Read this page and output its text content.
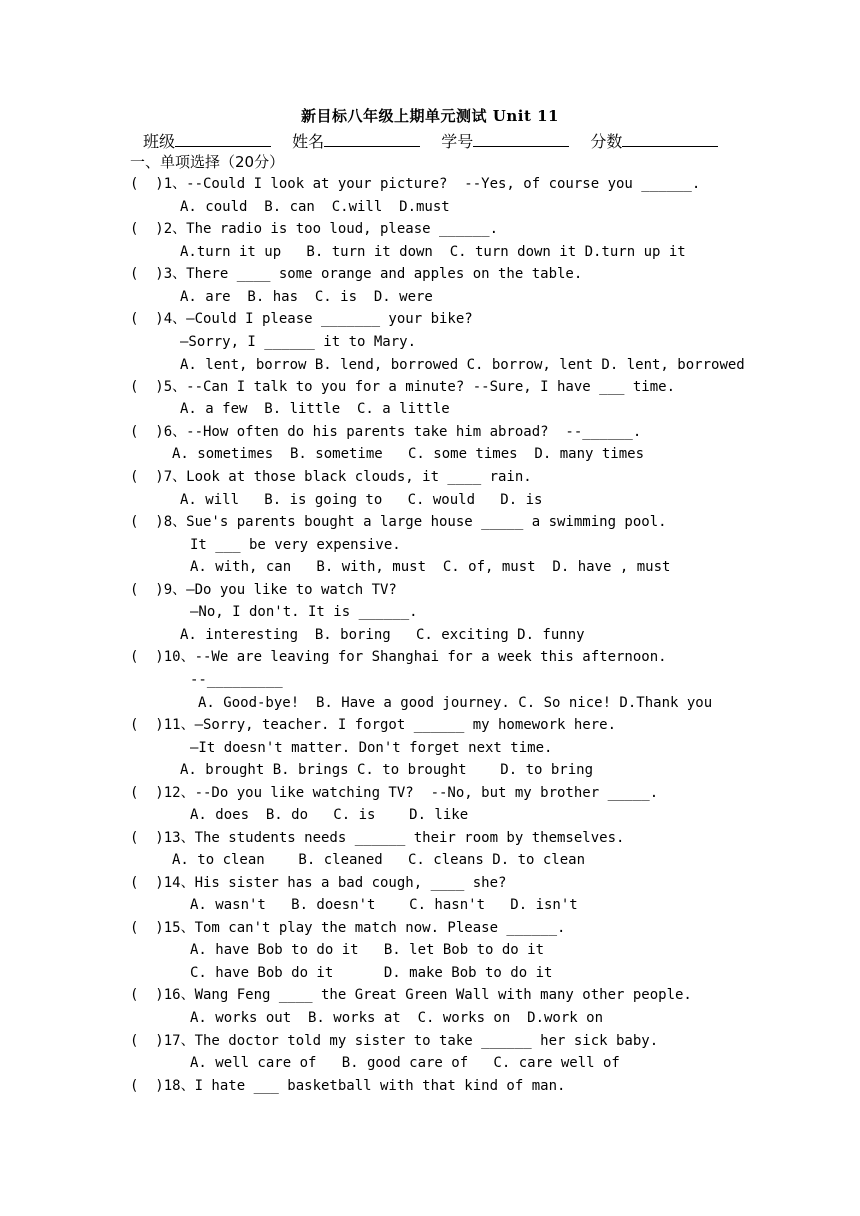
新目标八年级上期单元测试 Unit 11
班级	姓名	学号	分数
一、单项选择（20分）
(  )1、--Could I look at your picture?  --Yes, of course you ______.
A. could  B. can  C.will  D.must
(  )2、The radio is too loud, please ______.
A.turn it up   B. turn it down  C. turn down it D.turn up it
(  )3、There ____ some orange and apples on the table.
A. are  B. has  C. is  D. were
(  )4、—Could I please _______ your bike?
—Sorry, I ______ it to Mary.
A. lent, borrow B. lend, borrowed C. borrow, lent D. lent, borrowed
(  )5、--Can I talk to you for a minute? --Sure, I have ___ time.
A. a few  B. little  C. a little
(  )6、--How often do his parents take him abroad?  --______.
A. sometimes  B. sometime   C. some times  D. many times
(  )7、Look at those black clouds, it ____ rain.
A. will   B. is going to   C. would   D. is
(  )8、Sue's parents bought a large house _____ a swimming pool.
It ___ be very expensive.
A. with, can   B. with, must  C. of, must  D. have , must
(  )9、—Do you like to watch TV?
—No, I don't. It is ______.
A. interesting  B. boring   C. exciting D. funny
(  )10、--We are leaving for Shanghai for a week this afternoon.
--_________
A. Good-bye!  B. Have a good journey. C. So nice! D.Thank you
(  )11、—Sorry, teacher. I forgot ______ my homework here.
—It doesn't matter. Don't forget next time.
A. brought B. brings C. to brought    D. to bring
(  )12、--Do you like watching TV?  --No, but my brother _____.
A. does  B. do   C. is    D. like
(  )13、The students needs ______ their room by themselves.
A. to clean    B. cleaned   C. cleans D. to clean
(  )14、His sister has a bad cough, ____ she?
A. wasn't   B. doesn't    C. hasn't   D. isn't
(  )15、Tom can't play the match now. Please ______.
A. have Bob to do it   B. let Bob to do it
C. have Bob do it      D. make Bob to do it
(  )16、Wang Feng ____ the Great Green Wall with many other people.
A. works out  B. works at  C. works on  D.work on
(  )17、The doctor told my sister to take ______ her sick baby.
A. well care of   B. good care of   C. care well of
(  )18、I hate ___ basketball with that kind of man.
